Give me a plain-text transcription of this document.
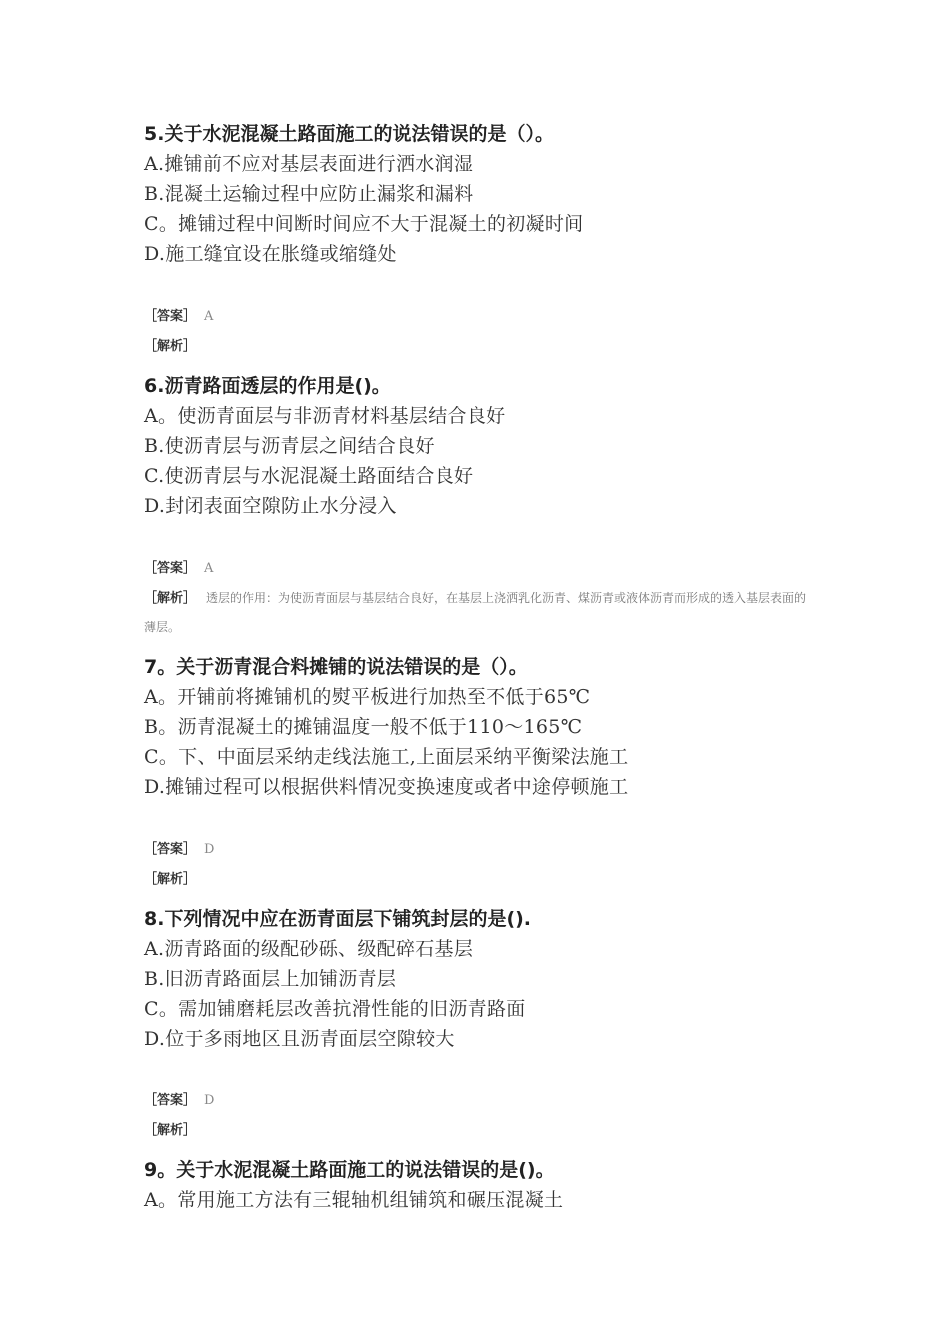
5.关于水泥混凝土路面施工的说法错误的是（）。
A.摊铺前不应对基层表面进行洒水润湿
B.混凝土运输过程中应防止漏浆和漏料
C。摊铺过程中间断时间应不大于混凝土的初凝时间
D.施工缝宜设在胀缝或缩缝处
［答案］ A
［解析］
6.沥青路面透层的作用是()。
A。使沥青面层与非沥青材料基层结合良好
B.使沥青层与沥青层之间结合良好
C.使沥青层与水泥混凝土路面结合良好
D.封闭表面空隙防止水分浸入
［答案］ A
［解析］ 透层的作用：为使沥青面层与基层结合良好，在基层上浇洒乳化沥青、煤沥青或液体沥青而形成的透入基层表面的薄层。
7。关于沥青混合料摊铺的说法错误的是（）。
A。开铺前将摊铺机的熨平板进行加热至不低于65℃
B。沥青混凝土的摊铺温度一般不低于110～165℃
C。下、中面层采纳走线法施工,上面层采纳平衡梁法施工
D.摊铺过程可以根据供料情况变换速度或者中途停顿施工
［答案］ D
［解析］
8.下列情况中应在沥青面层下铺筑封层的是().
A.沥青路面的级配砂砾、级配碎石基层
B.旧沥青路面层上加铺沥青层
C。需加铺磨耗层改善抗滑性能的旧沥青路面
D.位于多雨地区且沥青面层空隙较大
［答案］ D
［解析］
9。关于水泥混凝土路面施工的说法错误的是()。
A。常用施工方法有三辊轴机组铺筑和碾压混凝土
